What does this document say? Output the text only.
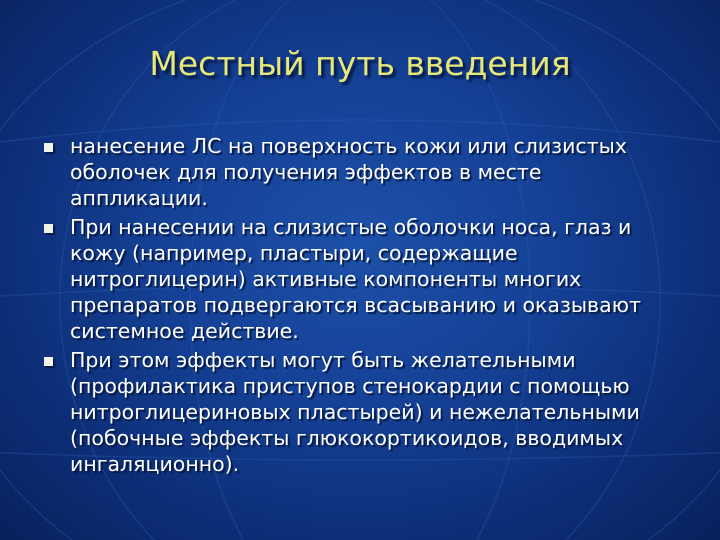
Местный путь введения
нанесение ЛС на поверхность кожи или слизистых оболочек для получения эффектов в месте аппликации.
При нанесении на слизистые оболочки носа, глаз и кожу (например, пластыри, содержащие нитроглицерин) активные компоненты многих препаратов подвергаются всасыванию и оказывают системное действие.
При этом эффекты могут быть желательными (профилактика приступов стенокардии с помощью нитроглицериновых пластырей) и нежелательными (побочные эффекты глюкокортикоидов, вводимых ингаляционно).
